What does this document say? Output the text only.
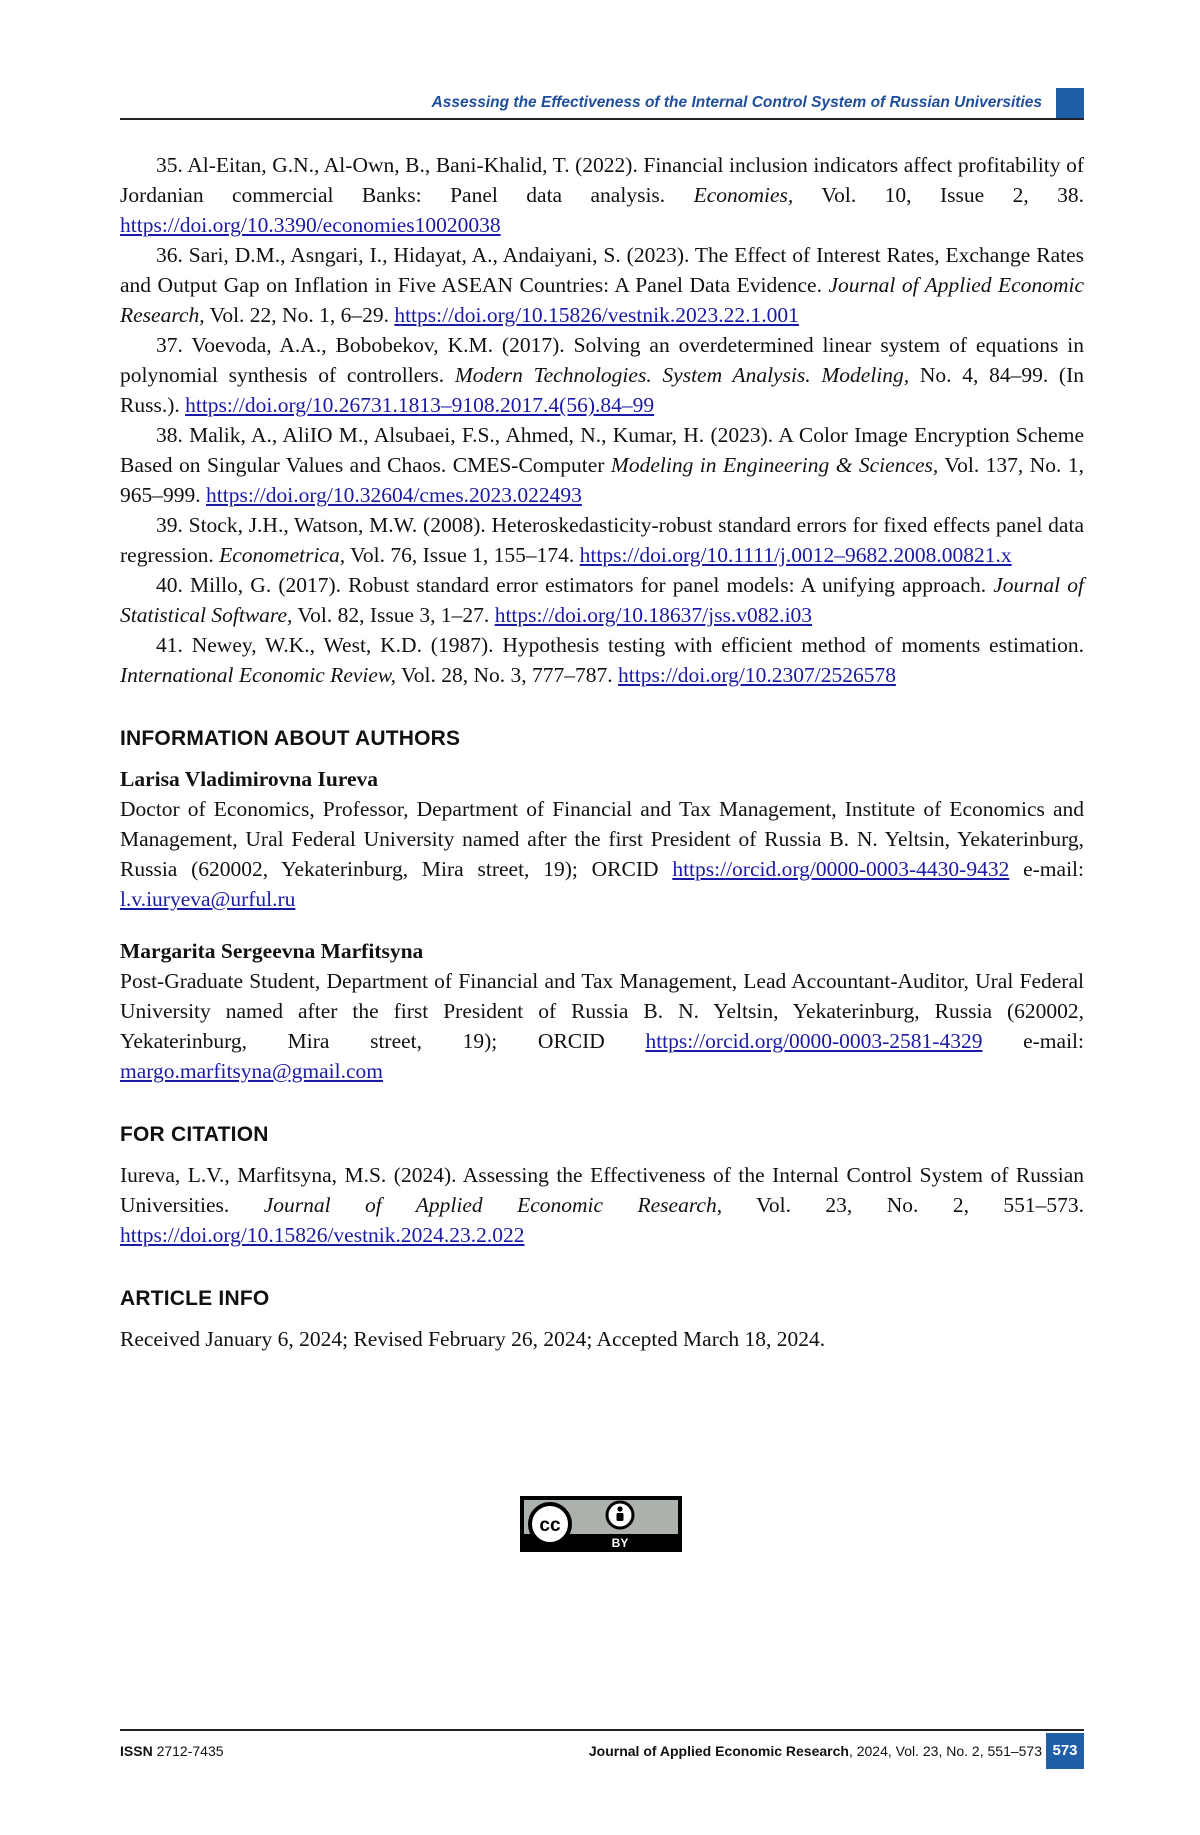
Assessing the Effectiveness of the Internal Control System of Russian Universities

35. Al-Eitan, G.N., Al-Own, B., Bani-Khalid, T. (2022). Financial inclusion indicators affect profitability of Jordanian commercial Banks: Panel data analysis. Economies, Vol. 10, Issue 2, 38. https://doi.org/10.3390/economies10020038

36. Sari, D.M., Asngari, I., Hidayat, A., Andaiyani, S. (2023). The Effect of Interest Rates, Exchange Rates and Output Gap on Inflation in Five ASEAN Countries: A Panel Data Evidence. Journal of Applied Economic Research, Vol. 22, No. 1, 6–29. https://doi.org/10.15826/vestnik.2023.22.1.001

37. Voevoda, A.A., Bobobekov, K.M. (2017). Solving an overdetermined linear system of equations in polynomial synthesis of controllers. Modern Technologies. System Analysis. Modeling, No. 4, 84–99. (In Russ.). https://doi.org/10.26731.1813–9108.2017.4(56).84–99

38. Malik, A., AliIO M., Alsubaei, F.S., Ahmed, N., Kumar, H. (2023). A Color Image Encryption Scheme Based on Singular Values and Chaos. CMES-Computer Modeling in Engineering & Sciences, Vol. 137, No. 1, 965–999. https://doi.org/10.32604/cmes.2023.022493

39. Stock, J.H., Watson, M.W. (2008). Heteroskedasticity-robust standard errors for fixed effects panel data regression. Econometrica, Vol. 76, Issue 1, 155–174. https://doi.org/10.1111/j.0012–9682.2008.00821.x

40. Millo, G. (2017). Robust standard error estimators for panel models: A unifying approach. Journal of Statistical Software, Vol. 82, Issue 3, 1–27. https://doi.org/10.18637/jss.v082.i03

41. Newey, W.K., West, K.D. (1987). Hypothesis testing with efficient method of moments estimation. International Economic Review, Vol. 28, No. 3, 777–787. https://doi.org/10.2307/2526578

INFORMATION ABOUT AUTHORS

Larisa Vladimirovna Iureva

Doctor of Economics, Professor, Department of Financial and Tax Management, Institute of Economics and Management, Ural Federal University named after the first President of Russia B. N. Yeltsin, Yekaterinburg, Russia (620002, Yekaterinburg, Mira street, 19); ORCID https://orcid.org/0000-0003-4430-9432 e-mail: l.v.iuryeva@urful.ru

Margarita Sergeevna Marfitsyna

Post-Graduate Student, Department of Financial and Tax Management, Lead Accountant-Auditor, Ural Federal University named after the first President of Russia B. N. Yeltsin, Yekaterinburg, Russia (620002, Yekaterinburg, Mira street, 19); ORCID https://orcid.org/0000-0003-2581-4329 e-mail: margo.marfitsyna@gmail.com

FOR CITATION

Iureva, L.V., Marfitsyna, M.S. (2024). Assessing the Effectiveness of the Internal Control System of Russian Universities. Journal of Applied Economic Research, Vol. 23, No. 2, 551–573. https://doi.org/10.15826/vestnik.2024.23.2.022

ARTICLE INFO

Received January 6, 2024; Revised February 26, 2024; Accepted March 18, 2024.

cc
BY
ISSN 2712-7435	Journal of Applied Economic Research, 2024, Vol. 23, No. 2, 551–573 573
